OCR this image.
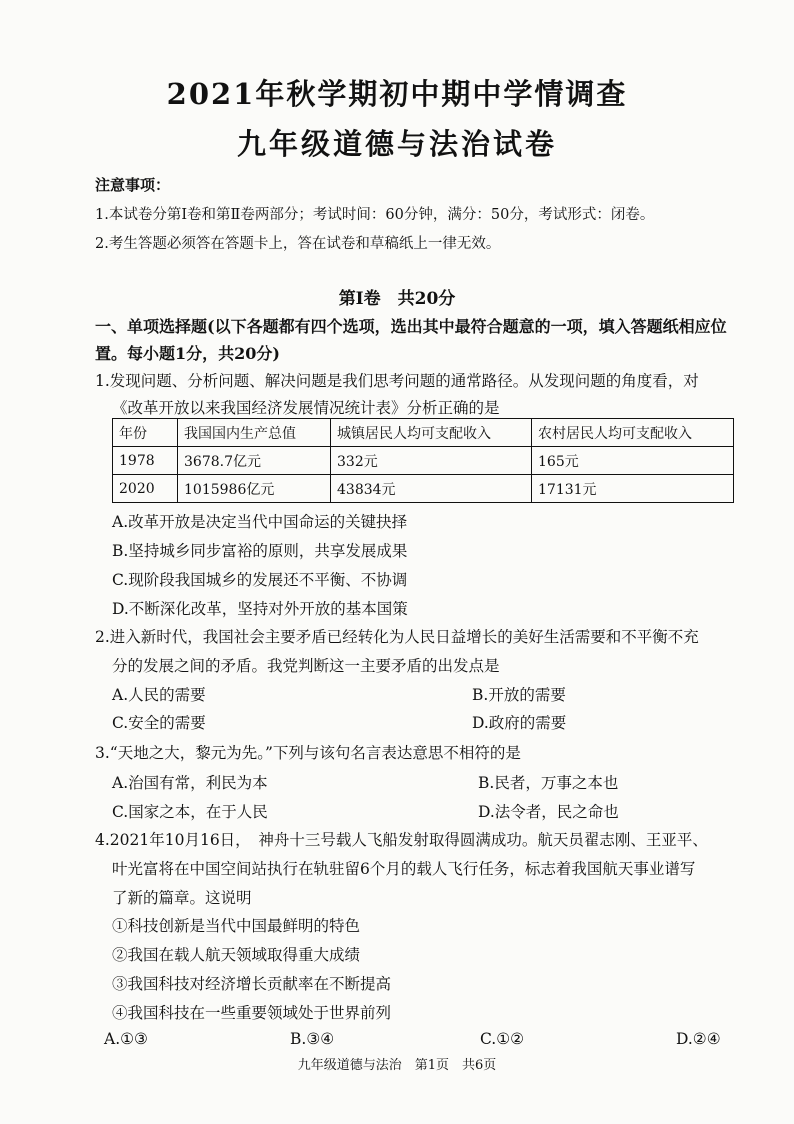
2021年秋学期初中期中学情调查
九年级道德与法治试卷
注意事项：
1.本试卷分第Ⅰ卷和第Ⅱ卷两部分；考试时间：60分钟，满分：50分，考试形式：闭卷。
2.考生答题必须答在答题卡上，答在试卷和草稿纸上一律无效。
第Ⅰ卷　共20分
一、单项选择题(以下各题都有四个选项，选出其中最符合题意的一项，填入答题纸相应位
置。每小题1分，共20分)
1.发现问题、分析问题、解决问题是我们思考问题的通常路径。从发现问题的角度看，对
《改革开放以来我国经济发展情况统计表》分析正确的是
年份	我国国内生产总值	城镇居民人均可支配收入	农村居民人均可支配收入
1978	3678.7亿元	332元	165元
2020	1015986亿元	43834元	17131元
A.改革开放是决定当代中国命运的关键抉择
B.坚持城乡同步富裕的原则，共享发展成果
C.现阶段我国城乡的发展还不平衡、不协调
D.不断深化改革，坚持对外开放的基本国策
2.进入新时代，我国社会主要矛盾已经转化为人民日益增长的美好生活需要和不平衡不充
分的发展之间的矛盾。我党判断这一主要矛盾的出发点是
A.人民的需要	B.开放的需要
C.安全的需要	D.政府的需要
3.“天地之大，黎元为先。”下列与该句名言表达意思不相符的是
A.治国有常，利民为本	B.民者，万事之本也
C.国家之本，在于人民	D.法令者，民之命也
4.2021年10月16日，　神舟十三号载人飞船发射取得圆满成功。航天员翟志刚、王亚平、
叶光富将在中国空间站执行在轨驻留6个月的载人飞行任务，标志着我国航天事业谱写
了新的篇章。这说明
①科技创新是当代中国最鲜明的特色
②我国在载人航天领域取得重大成绩
③我国科技对经济增长贡献率在不断提高
④我国科技在一些重要领域处于世界前列
A.①③	B.③④	C.①②	D.②④
九年级道德与法治　第1页　共6页
